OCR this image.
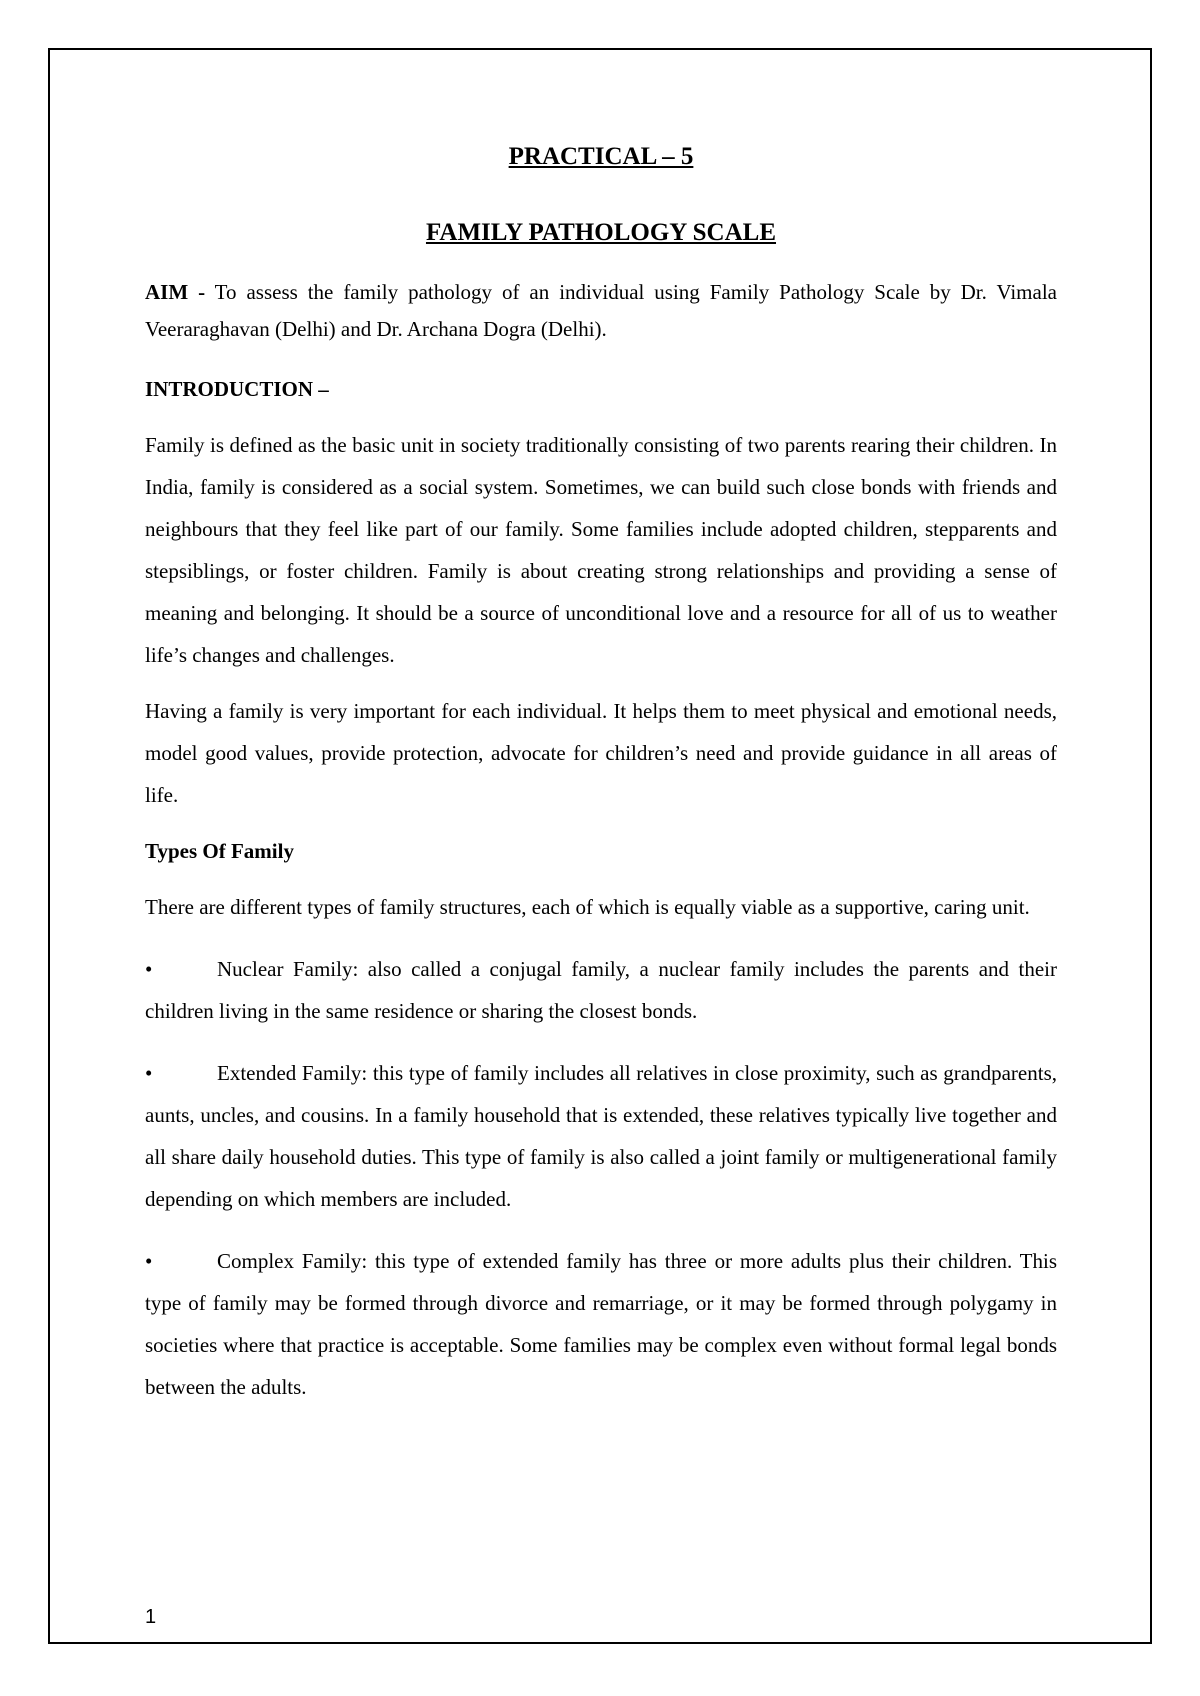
PRACTICAL – 5
FAMILY PATHOLOGY SCALE

AIM - To assess the family pathology of an individual using Family Pathology Scale by Dr. Vimala Veeraraghavan (Delhi) and Dr. Archana Dogra (Delhi).

INTRODUCTION –

Family is defined as the basic unit in society traditionally consisting of two parents rearing their children. In India, family is considered as a social system. Sometimes, we can build such close bonds with friends and neighbours that they feel like part of our family. Some families include adopted children, stepparents and stepsiblings, or foster children. Family is about creating strong relationships and providing a sense of meaning and belonging. It should be a source of unconditional love and a resource for all of us to weather life’s changes and challenges.

Having a family is very important for each individual. It helps them to meet physical and emotional needs, model good values, provide protection, advocate for children’s need and provide guidance in all areas of life.

Types Of Family

There are different types of family structures, each of which is equally viable as a supportive, caring unit.

•	Nuclear Family: also called a conjugal family, a nuclear family includes the parents and their children living in the same residence or sharing the closest bonds.

•	Extended Family: this type of family includes all relatives in close proximity, such as grandparents, aunts, uncles, and cousins. In a family household that is extended, these relatives typically live together and all share daily household duties. This type of family is also called a joint family or multigenerational family depending on which members are included.

•	Complex Family: this type of extended family has three or more adults plus their children. This type of family may be formed through divorce and remarriage, or it may be formed through polygamy in societies where that practice is acceptable. Some families may be complex even without formal legal bonds between the adults.

1
